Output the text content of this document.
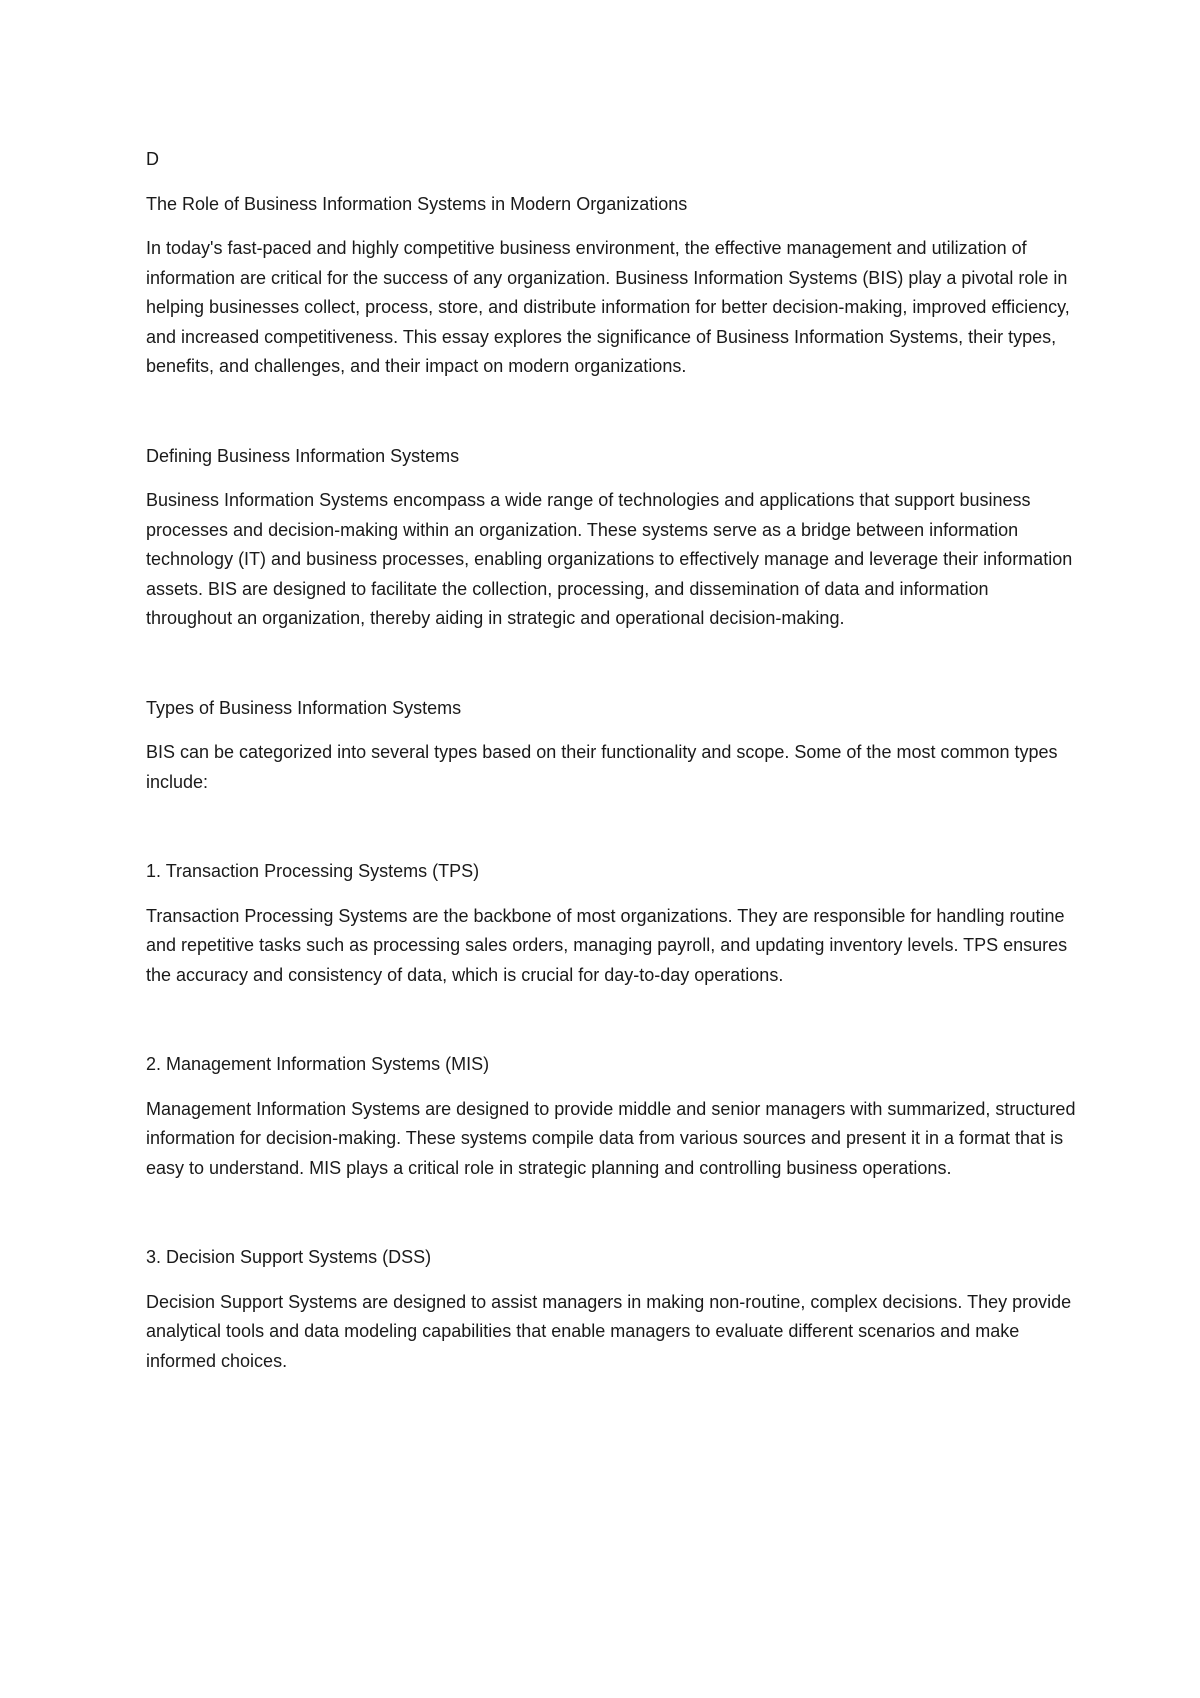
D

The Role of Business Information Systems in Modern Organizations

In today's fast-paced and highly competitive business environment, the effective management and utilization of information are critical for the success of any organization. Business Information Systems (BIS) play a pivotal role in helping businesses collect, process, store, and distribute information for better decision-making, improved efficiency, and increased competitiveness. This essay explores the significance of Business Information Systems, their types, benefits, and challenges, and their impact on modern organizations.

Defining Business Information Systems

Business Information Systems encompass a wide range of technologies and applications that support business processes and decision-making within an organization. These systems serve as a bridge between information technology (IT) and business processes, enabling organizations to effectively manage and leverage their information assets. BIS are designed to facilitate the collection, processing, and dissemination of data and information throughout an organization, thereby aiding in strategic and operational decision-making.

Types of Business Information Systems

BIS can be categorized into several types based on their functionality and scope. Some of the most common types include:

1. Transaction Processing Systems (TPS)

Transaction Processing Systems are the backbone of most organizations. They are responsible for handling routine and repetitive tasks such as processing sales orders, managing payroll, and updating inventory levels. TPS ensures the accuracy and consistency of data, which is crucial for day-to-day operations.

2. Management Information Systems (MIS)

Management Information Systems are designed to provide middle and senior managers with summarized, structured information for decision-making. These systems compile data from various sources and present it in a format that is easy to understand. MIS plays a critical role in strategic planning and controlling business operations.

3. Decision Support Systems (DSS)

Decision Support Systems are designed to assist managers in making non-routine, complex decisions. They provide analytical tools and data modeling capabilities that enable managers to evaluate different scenarios and make informed choices.
